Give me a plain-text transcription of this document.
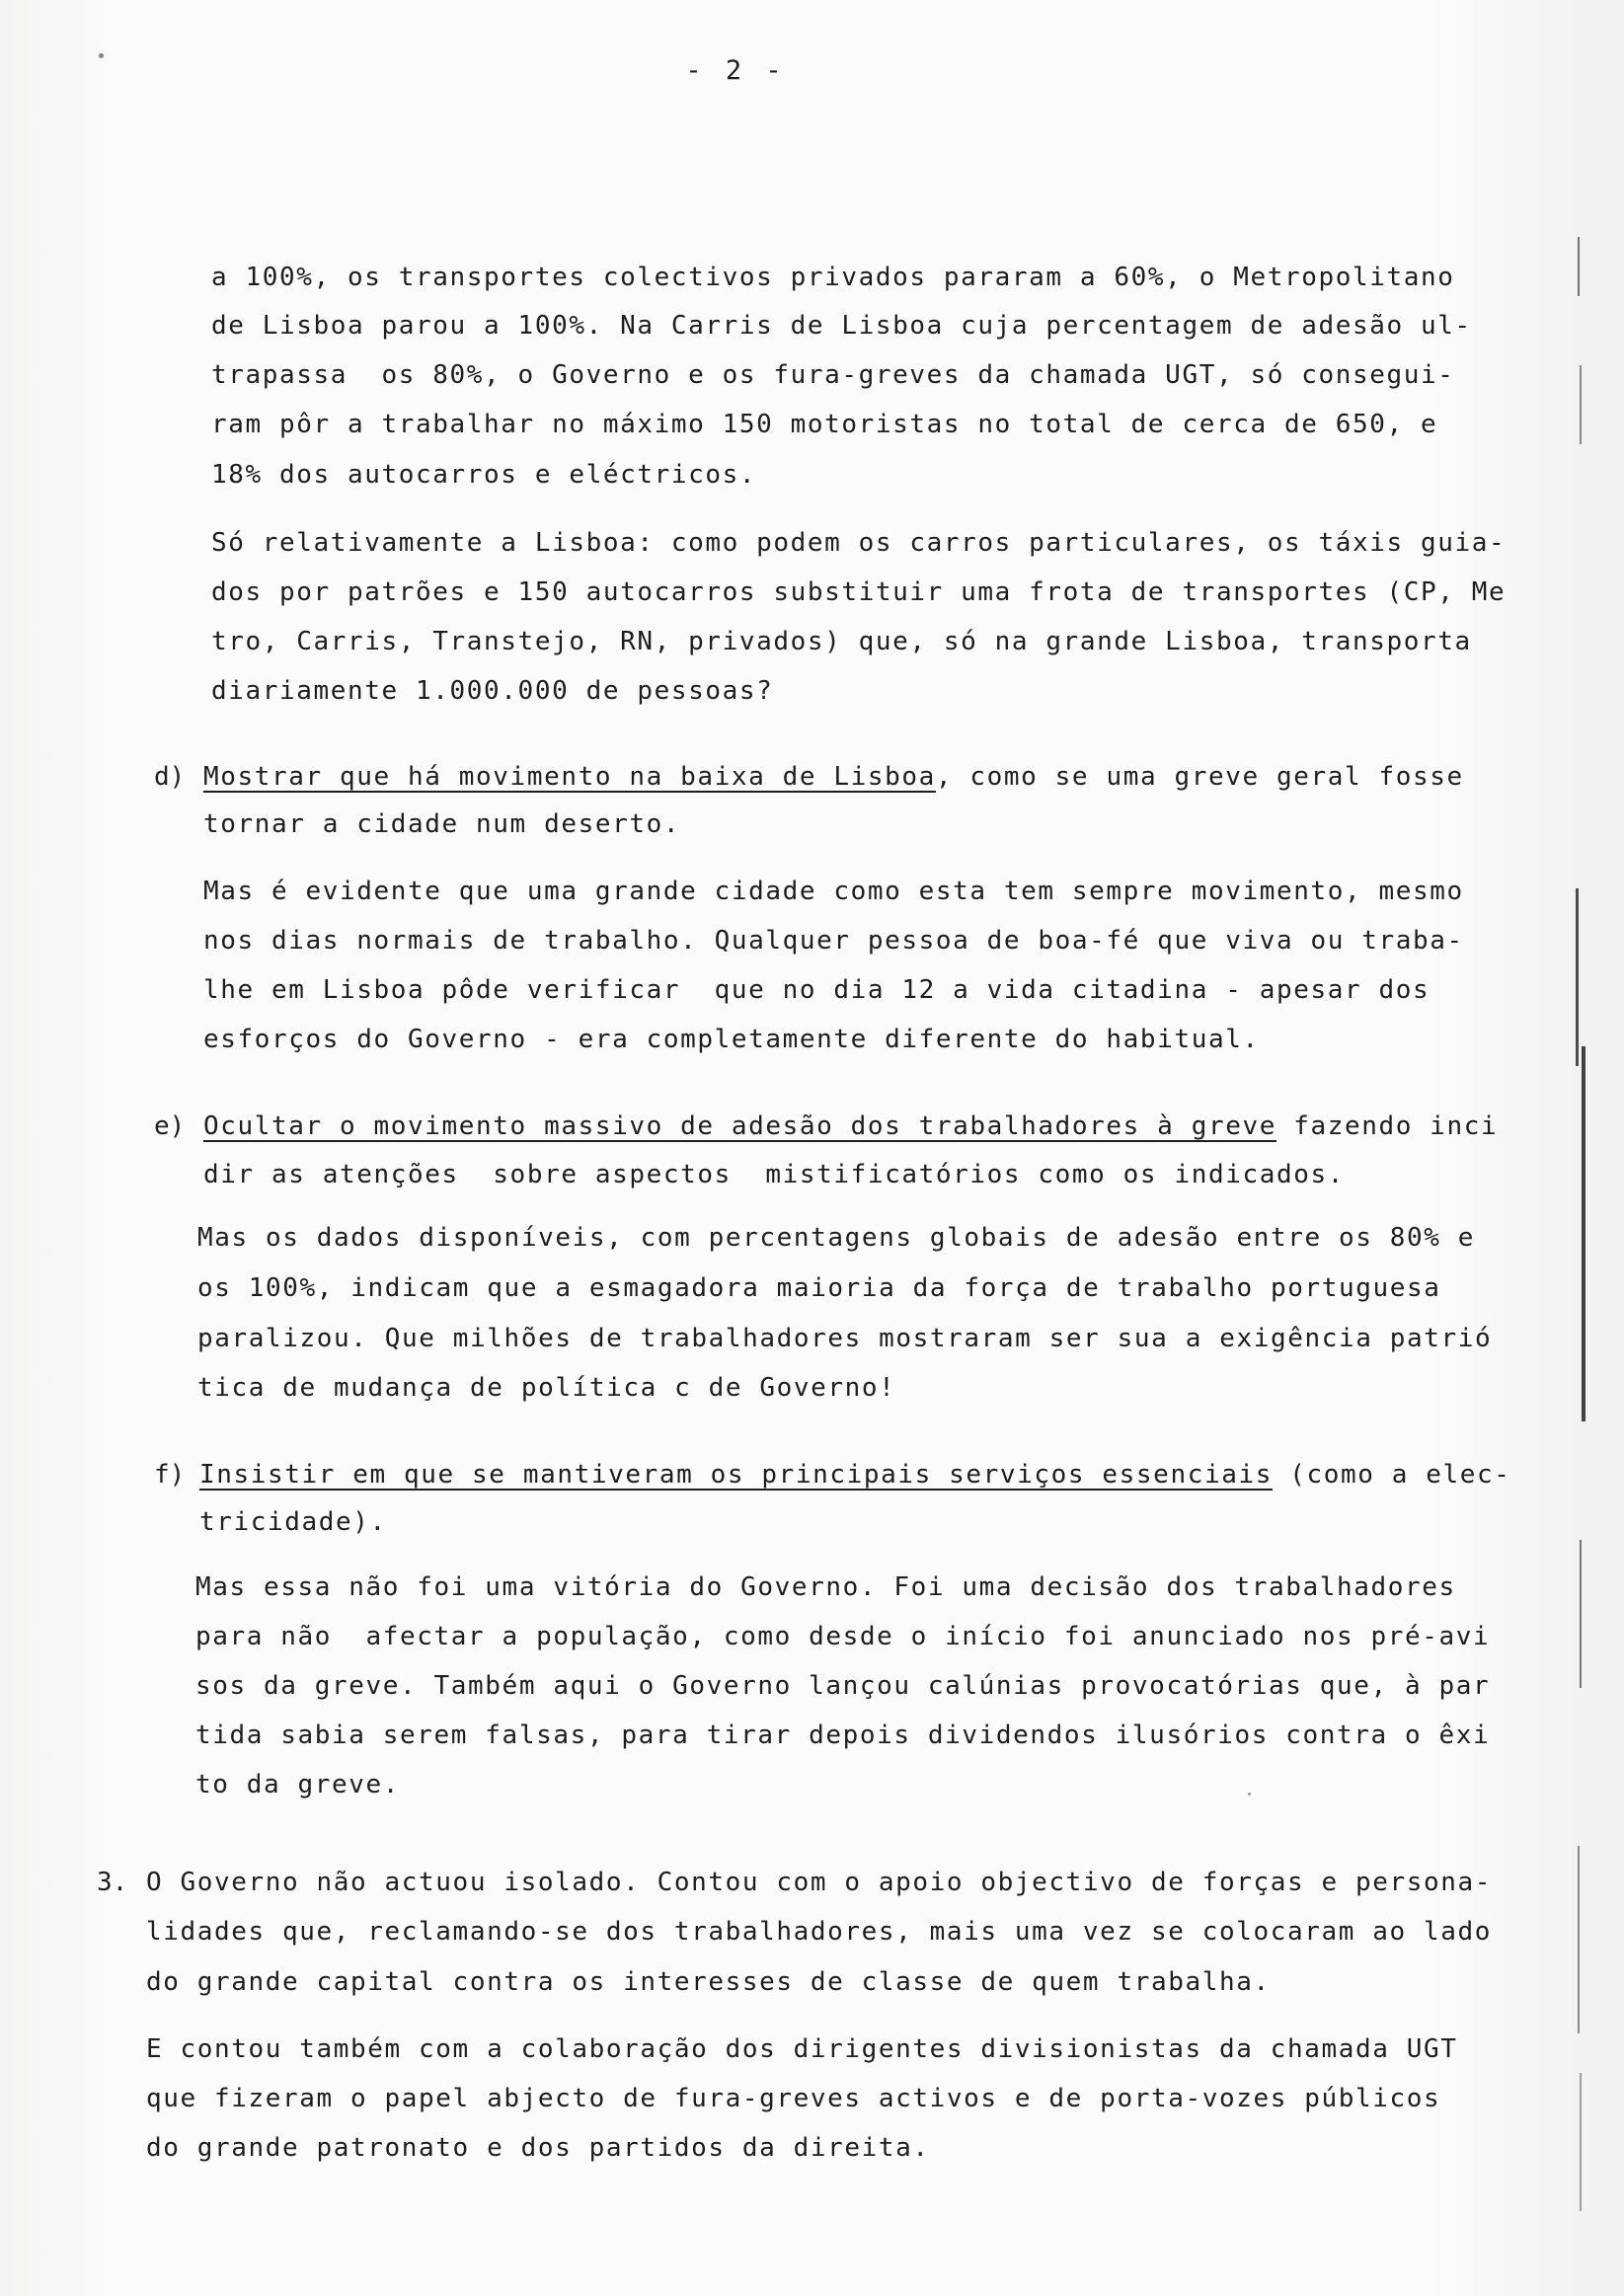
- 2 -
a 100%, os transportes colectivos privados pararam a 60%, o Metropolitano
de Lisboa parou a 100%. Na Carris de Lisboa cuja percentagem de adesão ul-
trapassa  os 80%, o Governo e os fura-greves da chamada UGT, só consegui-
ram pôr a trabalhar no máximo 150 motoristas no total de cerca de 650, e
18% dos autocarros e eléctricos.
Só relativamente a Lisboa: como podem os carros particulares, os táxis guia-
dos por patrões e 150 autocarros substituir uma frota de transportes (CP, Me
tro, Carris, Transtejo, RN, privados) que, só na grande Lisboa, transporta
diariamente 1.000.000 de pessoas?
d) Mostrar que há movimento na baixa de Lisboa, como se uma greve geral fosse
tornar a cidade num deserto.
Mas é evidente que uma grande cidade como esta tem sempre movimento, mesmo
nos dias normais de trabalho. Qualquer pessoa de boa-fé que viva ou traba-
lhe em Lisboa pôde verificar  que no dia 12 a vida citadina - apesar dos
esforços do Governo - era completamente diferente do habitual.
e) Ocultar o movimento massivo de adesão dos trabalhadores à greve fazendo inci
dir as atenções  sobre aspectos  mistificatórios como os indicados.
Mas os dados disponíveis, com percentagens globais de adesão entre os 80% e
os 100%, indicam que a esmagadora maioria da força de trabalho portuguesa
paralizou. Que milhões de trabalhadores mostraram ser sua a exigência patrió
tica de mudança de política c de Governo!
f) Insistir em que se mantiveram os principais serviços essenciais (como a elec-
tricidade).
Mas essa não foi uma vitória do Governo. Foi uma decisão dos trabalhadores
para não  afectar a população, como desde o início foi anunciado nos pré-avi
sos da greve. Também aqui o Governo lançou calúnias provocatórias que, à par
tida sabia serem falsas, para tirar depois dividendos ilusórios contra o êxi
to da greve.
3. O Governo não actuou isolado. Contou com o apoio objectivo de forças e persona-
lidades que, reclamando-se dos trabalhadores, mais uma vez se colocaram ao lado
do grande capital contra os interesses de classe de quem trabalha.
E contou também com a colaboração dos dirigentes divisionistas da chamada UGT
que fizeram o papel abjecto de fura-greves activos e de porta-vozes públicos
do grande patronato e dos partidos da direita.
